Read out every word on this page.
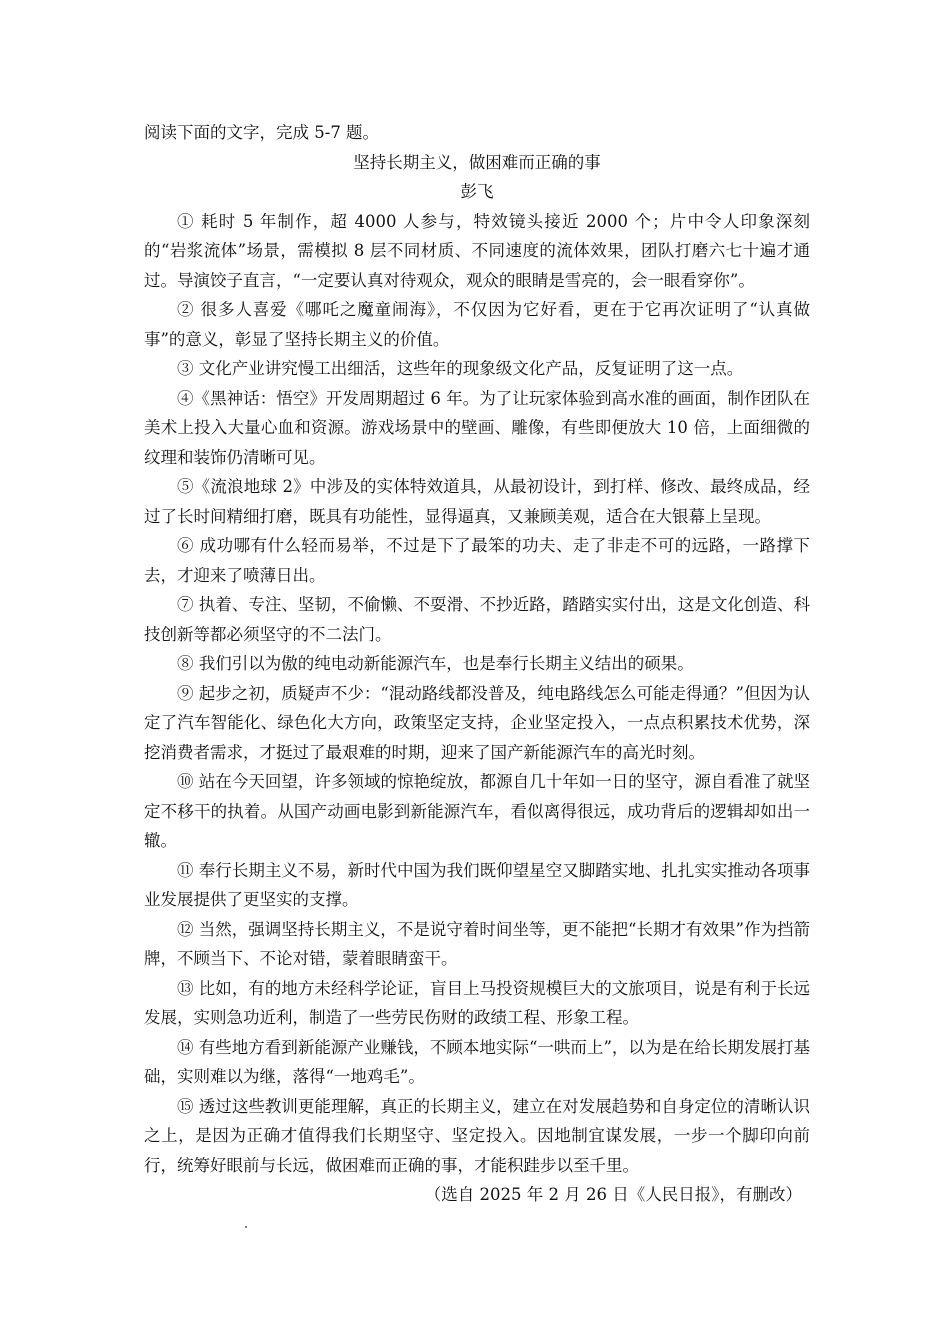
阅读下面的文字，完成 5-7 题。

坚持长期主义，做困难而正确的事

彭飞

① 耗时 5 年制作，超 4000 人参与，特效镜头接近 2000 个；片中令人印象深刻的“岩浆流体”场景，需模拟 8 层不同材质、不同速度的流体效果，团队打磨六七十遍才通过。导演饺子直言，“一定要认真对待观众，观众的眼睛是雪亮的，会一眼看穿你”。

② 很多人喜爱《哪吒之魔童闹海》，不仅因为它好看，更在于它再次证明了“认真做事”的意义，彰显了坚持长期主义的价值。

③ 文化产业讲究慢工出细活，这些年的现象级文化产品，反复证明了这一点。

④《黑神话：悟空》开发周期超过 6 年。为了让玩家体验到高水准的画面，制作团队在美术上投入大量心血和资源。游戏场景中的壁画、雕像，有些即便放大 10 倍，上面细微的纹理和装饰仍清晰可见。

⑤《流浪地球 2》中涉及的实体特效道具，从最初设计，到打样、修改、最终成品，经过了长时间精细打磨，既具有功能性，显得逼真，又兼顾美观，适合在大银幕上呈现。

⑥ 成功哪有什么轻而易举，不过是下了最笨的功夫、走了非走不可的远路，一路撑下去，才迎来了喷薄日出。

⑦ 执着、专注、坚韧，不偷懒、不耍滑、不抄近路，踏踏实实付出，这是文化创造、科技创新等都必须坚守的不二法门。

⑧ 我们引以为傲的纯电动新能源汽车，也是奉行长期主义结出的硕果。

⑨ 起步之初，质疑声不少：“混动路线都没普及，纯电路线怎么可能走得通？”但因为认定了汽车智能化、绿色化大方向，政策坚定支持，企业坚定投入，一点点积累技术优势，深挖消费者需求，才挺过了最艰难的时期，迎来了国产新能源汽车的高光时刻。

⑩ 站在今天回望，许多领域的惊艳绽放，都源自几十年如一日的坚守，源自看准了就坚定不移干的执着。从国产动画电影到新能源汽车，看似离得很远，成功背后的逻辑却如出一辙。

⑪ 奉行长期主义不易，新时代中国为我们既仰望星空又脚踏实地、扎扎实实推动各项事业发展提供了更坚实的支撑。

⑫ 当然，强调坚持长期主义，不是说守着时间坐等，更不能把“长期才有效果”作为挡箭牌，不顾当下、不论对错，蒙着眼睛蛮干。

⑬ 比如，有的地方未经科学论证，盲目上马投资规模巨大的文旅项目，说是有利于长远发展，实则急功近利，制造了一些劳民伤财的政绩工程、形象工程。

⑭ 有些地方看到新能源产业赚钱，不顾本地实际“一哄而上”，以为是在给长期发展打基础，实则难以为继，落得“一地鸡毛”。

⑮ 透过这些教训更能理解，真正的长期主义，建立在对发展趋势和自身定位的清晰认识之上，是因为正确才值得我们长期坚守、坚定投入。因地制宜谋发展，一步一个脚印向前行，统筹好眼前与长远，做困难而正确的事，才能积跬步以至千里。

（选自 2025 年 2 月 26 日《人民日报》，有删改）
